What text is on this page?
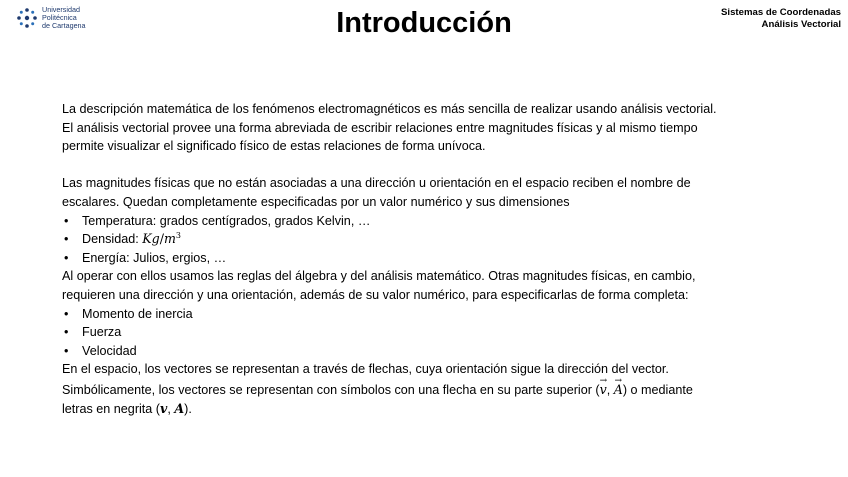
Universidad
Politécnica
de Cartagena	Introducción	Sistemas de Coordenadas
Análisis Vectorial

La descripción matemática de los fenómenos electromagnéticos es más sencilla de realizar usando análisis vectorial.

El análisis vectorial provee una forma abreviada de escribir relaciones entre magnitudes físicas y al mismo tiempo

permite visualizar el significado físico de estas relaciones de forma unívoca.

Las magnitudes físicas que no están asociadas a una dirección u orientación en el espacio reciben el nombre de

escalares. Quedan completamente especificadas por un valor numérico y sus dimensiones

•	Temperatura: grados centígrados, grados Kelvin, …
•	Densidad: $Kg/m^3$
•	Energía: Julios, ergios, …

Al operar con ellos usamos las reglas del álgebra y del análisis matemático. Otras magnitudes físicas, en cambio,

requieren una dirección y una orientación, además de su valor numérico, para especificarlas de forma completa:

•	Momento de inercia
•	Fuerza
•	Velocidad

En el espacio, los vectores se representan a través de flechas, cuya orientación sigue la dirección del vector.

Simbólicamente, los vectores se representan con símbolos con una flecha en su parte superior (→ v, → A) o mediante

letras en negrita (v, A).
